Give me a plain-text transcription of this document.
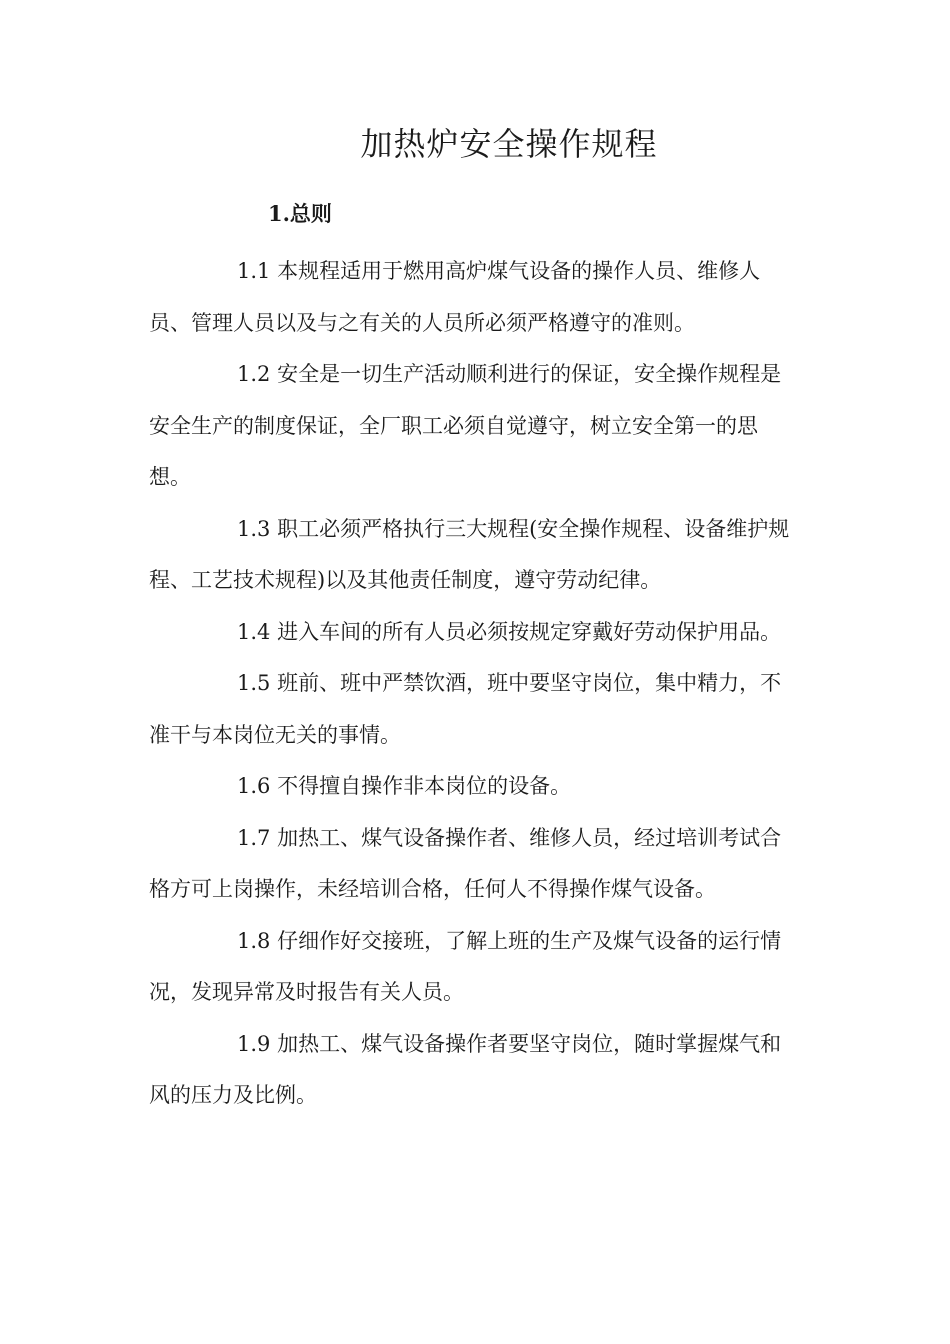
加热炉安全操作规程
1.总则

1.1 本规程适用于燃用高炉煤气设备的操作人员、维修人员、管理人员以及与之有关的人员所必须严格遵守的准则。

1.2 安全是一切生产活动顺利进行的保证，安全操作规程是安全生产的制度保证，全厂职工必须自觉遵守，树立安全第一的思想。

1.3 职工必须严格执行三大规程(安全操作规程、设备维护规程、工艺技术规程)以及其他责任制度，遵守劳动纪律。

1.4 进入车间的所有人员必须按规定穿戴好劳动保护用品。

1.5 班前、班中严禁饮酒，班中要坚守岗位，集中精力，不准干与本岗位无关的事情。

1.6 不得擅自操作非本岗位的设备。

1.7 加热工、煤气设备操作者、维修人员，经过培训考试合格方可上岗操作，未经培训合格，任何人不得操作煤气设备。

1.8 仔细作好交接班，了解上班的生产及煤气设备的运行情况，发现异常及时报告有关人员。

1.9 加热工、煤气设备操作者要坚守岗位，随时掌握煤气和风的压力及比例。
